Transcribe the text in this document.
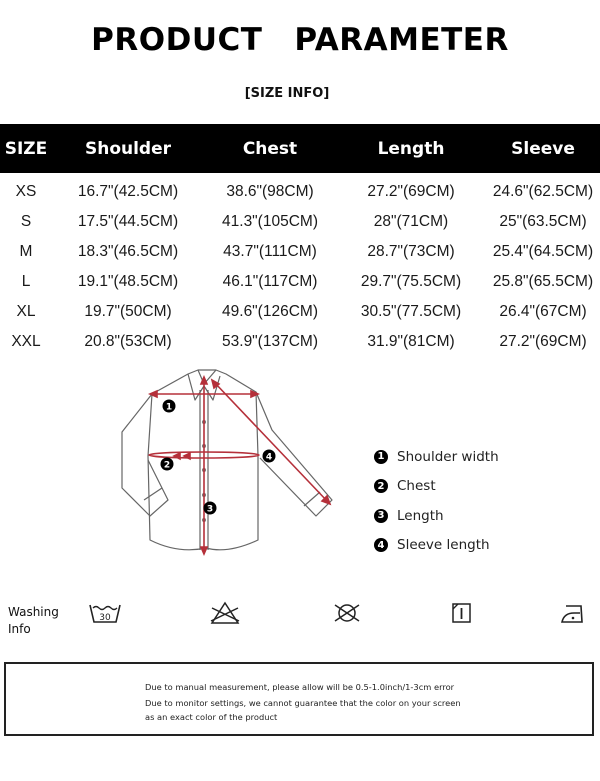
PRODUCT PARAMETER
[SIZE INFO]
SIZE	Shoulder	Chest	Length	Sleeve
XS	16.7"(42.5CM)	38.6"(98CM)	27.2"(69CM)	24.6"(62.5CM)
S	17.5"(44.5CM)	41.3"(105CM)	28"(71CM)	25"(63.5CM)
M	18.3"(46.5CM)	43.7"(111CM)	28.7"(73CM)	25.4"(64.5CM)
L	19.1"(48.5CM)	46.1"(117CM)	29.7"(75.5CM)	25.8"(65.5CM)
XL	19.7"(50CM)	49.6"(126CM)	30.5"(77.5CM)	26.4"(67CM)
XXL	20.8"(53CM)	53.9"(137CM)	31.9"(81CM)	27.2"(69CM)
1
2
3
4	1 Shoulder width
2 Chest
3 Length
4 Sleeve length
Washing
Info
30
Due to manual measurement, please allow will be 0.5-1.0inch/1-3cm error
Due to monitor settings, we cannot guarantee that the color on your screen
as an exact color of the product
